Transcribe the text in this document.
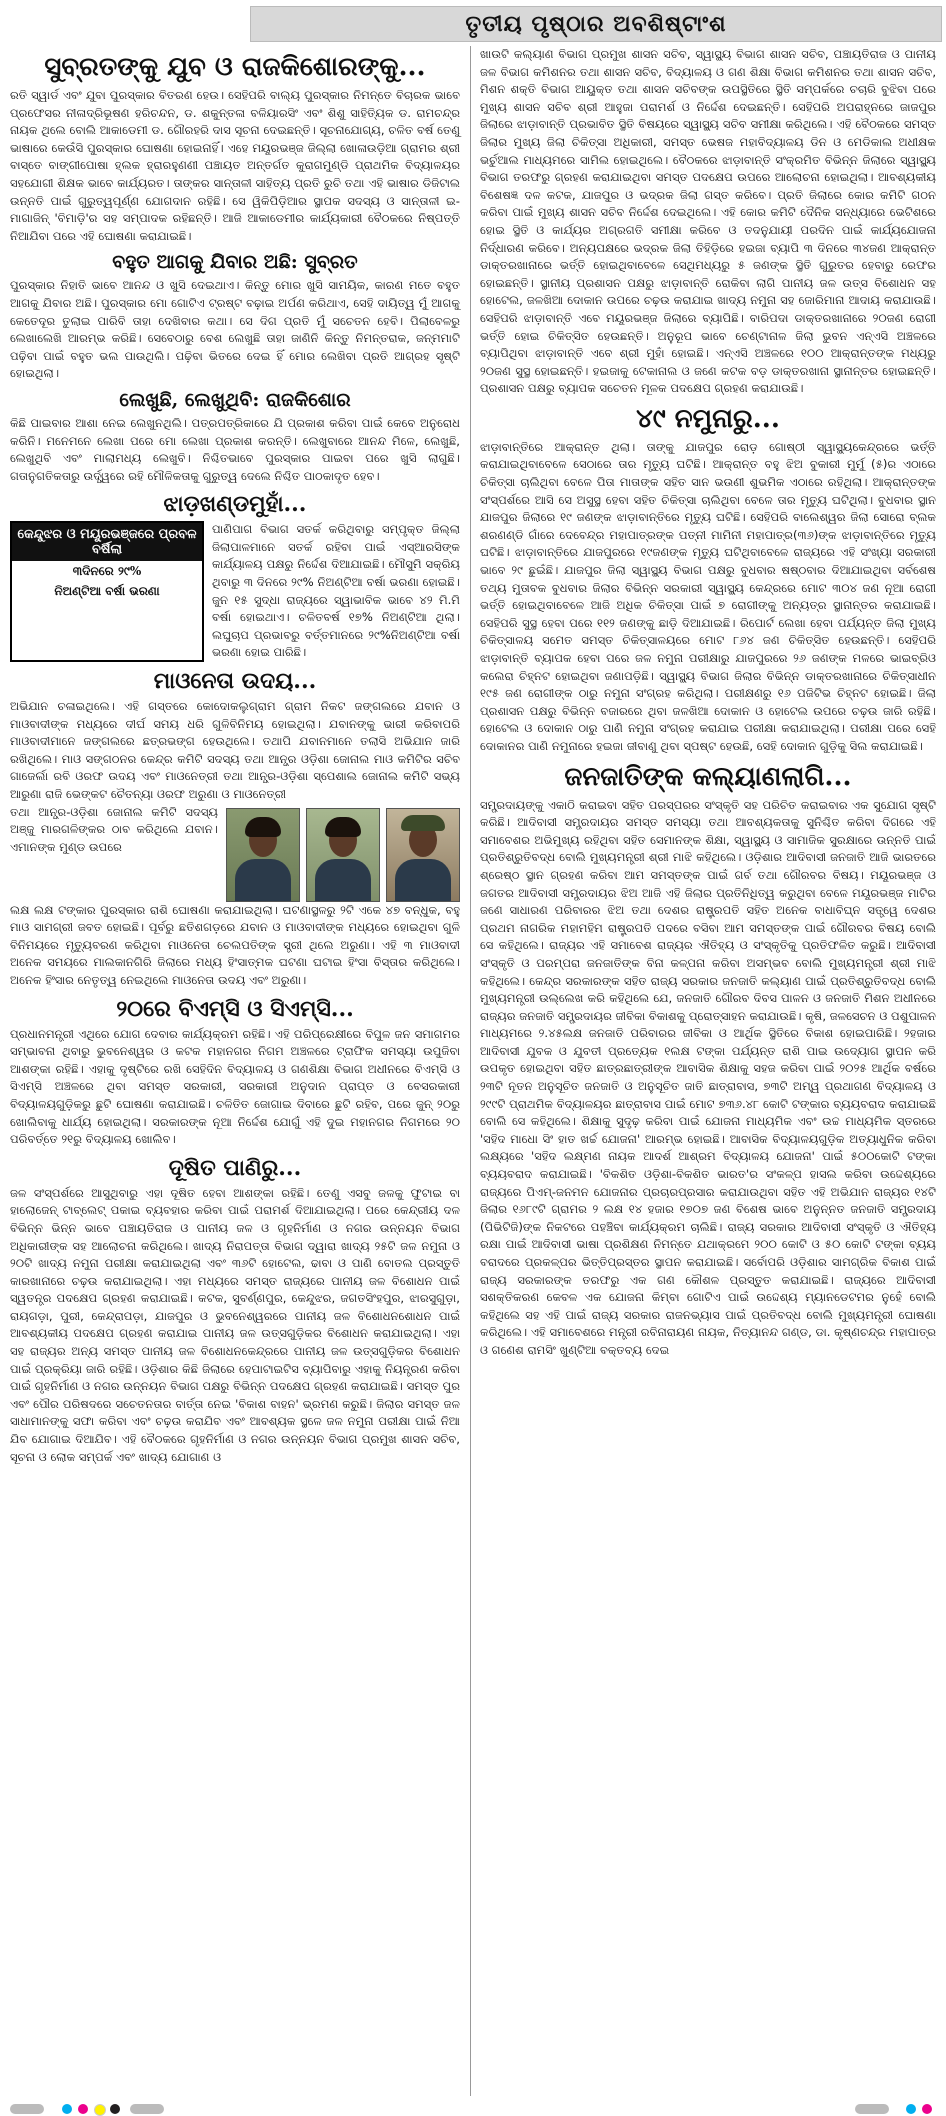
ତୃତୀୟ ପୃଷ୍ଠାର ଅବଶିଷ୍ଟାଂଶ
ସୁବ୍ରତଙ୍କୁ ଯୁବ ଓ ରାଜକିଶୋରଙ୍କୁ...

ରତି ସ୍ୱାର୍ଡ ଏବଂ ଯୁବା ପୁରସ୍କାର ବିତରଣ ହେଉ। ସେହିପରି ବାଲ୍ୟ ପୁରସ୍କାର ନିମନ୍ତେ ବିଚାରକ ଭାବେ ପ୍ରଫେସର ନୀଳାଦ୍ରିଭୂଷଣ ହରିଚନ୍ଦନ, ଡ. ଶକୁନ୍ତଳା ବଳିୟାରସିଂ ଏବଂ ଶିଶୁ ସାହିତ୍ୟିକ ଡ. ରାମଚନ୍ଦ୍ର ନାୟକ ଥିଲେ ବୋଲି ଆକାଡେମୀ ଡ. ଗୌରହରି ଦାସ ସୂଚନା ଦେଇଛନ୍ତି। ସୂଚନାଯୋଗ୍ୟ, ଚଳିତ ବର୍ଷ ତେଣୁ ଭାଷାରେ କେଉଁସି ପୁରସ୍କାର ଘୋଷଣା ହୋଇନାହିଁ। ଏହେ ମୟୂରଭଞ୍ଜ ଜିଲ୍ଲା ଖୋଳାଉଡ଼ିଆ ଗ୍ରାମର ଶ୍ରୀ ବାସ୍ତେ ବାଙ୍ଗୀପୋଷା ହ୍ଲକ ହ୍ରାରହୁଣଣୀ ପଞ୍ଚାୟତ ଅନ୍ତର୍ଗତ କୁରାଗମୁଣ୍ଡି ପ୍ରାଥମିକ ବିଦ୍ୟାଳୟର ସହଯୋଗୀ ଶିକ୍ଷକ ଭାବେ କାର୍ଯ୍ୟରତ। ତାଙ୍କର ସାନ୍ତାଳୀ ସାହିତ୍ୟ ପ୍ରତି ରୁଚି ତଥା ଏହି ଭାଷାର ଡିଜିଟାଲ ଉନ୍ନତି ପାଇଁ ଗୁରୁତ୍ୱପୂର୍ଣ୍ଣ ଯୋଗଦାନ ରହିଛି। ସେ ୱିକିପିଡ଼ିଆର ସ୍ଥାପକ ସଦସ୍ୟ ଓ ସାନ୍ତାଳୀ ଇ-ମାଗାଜିନ୍ 'ବିମାଡ଼ି'ର ସହ ସମ୍ପାଦକ ରହିଛନ୍ତି। ଆଜି ଆକାଡେମୀର କାର୍ଯ୍ୟକାରୀ ବୈଠକରେ ନିଷ୍ପତ୍ତି ନିଆଯିବା ପରେ ଏହି ଘୋଷଣା କରାଯାଇଛି।

ବହୁତ ଆଗକୁ ଯିବାର ଅଛି: ସୁବ୍ରତ

ପୁରସ୍କାର ନିହାତି ଭାବେ ଆନନ୍ଦ ଓ ଖୁସି ଦେଇଥାଏ। କିନ୍ତୁ ମୋର ଖୁସି ସାମୟିକ, କାରଣ ମତେ ବହୁତ ଆଗକୁ ଯିବାର ଅଛି। ପୁରସ୍କାର ମୋ ଗୋଟିଏ ଟ୍ରଷ୍ଟ ବଢ଼ାଇ ଅର୍ପଣ କରିଥାଏ, ସେହି ଦାୟିତ୍ୱ ମୁଁ ଆଗକୁ କେତେଦୂର ତୁଲାଇ ପାରିବି ତାହା ଦେଖିବାର କଥା। ସେ ଦିଗ ପ୍ରତି ମୁଁ ସଚେତନ ହେବି। ପିଲାବେଳରୁ ଲେଖାଲେଖି ଆରମ୍ଭ କରିଛି। ସେବେଠାରୁ ବେଶ ଲେଖୁଛି ତାହା ଜାଣିନି କିନ୍ତୁ ନିମନ୍ତରାକ, ଜନ୍ମମାଟି ପଢ଼ିବା ପାଇଁ ବହୁତ ଭଲ ପାଉଥିଲି। ପଢ଼ିବା ଭିତରେ ଦେଇ ହିଁ ମୋର ଲେଖିବା ପ୍ରତି ଆଗ୍ରହ ସୃଷ୍ଟି ହୋଇଥିଲା।

ଲେଖୁଛି, ଲେଖୁଥିବି: ରାଜକିଶୋର

କିଛି ପାଇବାର ଆଶା ନେଇ ଲେଖୁନଥିଲି। ପତ୍ରପତ୍ରିକାରେ ଯି ପ୍ରକାଶ କରିବା ପାଇଁ କେବେ ଅନୁରୋଧ କରିନି। ମନେମନେ ଲେଖା ପରେ ମୋ ଲେଖା ପ୍ରକାଶ କରନ୍ତି। ଲେଖୁବାରେ ଆନନ୍ଦ ମିଳେ, ଲେଖୁଛି, ଲେଖୁଥିବି ଏବଂ ମାଲାମଧ୍ୟ ଲେଖୁବି। ନିଶ୍ଚିତଭାବେ ପୁରସ୍କାର ପାଇବା ପରେ ଖୁସି ଲାଗୁଛି। ଗତାନୁଗତିକତାରୁ ଉର୍ଦ୍ଧ୍ୱରେ ରହି ମୌଳିକତାକୁ ଗୁରୁତ୍ୱ ଦେଲେ ନିଶ୍ଚିତ ପାଠକାଦୃତ ହେବ।

ଝାଡ଼ଖଣ୍ଡମୁହାଁ...
କେନ୍ଦୁଝର ଓ ମୟୂରଭଞ୍ଜରେ ପ୍ରବଳ ବର୍ଷିଲା
୩ଦିନରେ ୨୯%
ନିଅଣ୍ଟିଆ ବର୍ଷା ଭରଣା

ପାଣିପାଗ ବିଭାଗ ସତର୍କ କରିଥିବାରୁ ସମ୍ପୃକ୍ତ ଜିଲ୍ଲା ଜିଲାପାଳମାନେ ସତର୍କ ରହିବା ପାଇଁ ଏସ୍‌ଆରସିଙ୍କ କାର୍ଯ୍ୟାଳୟ ପକ୍ଷରୁ ନିର୍ଦ୍ଦେଶ ଦିଆଯାଇଛି। ମୌସୁମି ସକ୍ରିୟ ଥିବାରୁ ୩ ଦିନରେ ୨୯% ନିଅଣ୍ଟିଆ ବର୍ଷା ଭରଣା ହୋଇଛି। ଜୁନ ୧୫ ସୁଦ୍ଧା ରାଜ୍ୟରେ ସ୍ୱାଭାବିକ ଭାବେ ୪୨ ମି.ମି ବର୍ଷା ହୋଇଥାଏ। ଚଳିତବର୍ଷ ୧୭% ନିଅଣ୍ଟିଆ ଥିଲା। ଲଘୁଚାପ ପ୍ରଭାବରୁ ବର୍ତ୍ତମାନରେ ୨୯%ନିଅଣ୍ଟିଆ ବର୍ଷା ଭରଣା ହୋଇ ପାରିଛି।

ମାଓନେତା ଉଦୟ...

ଅଭିଯାନ ଚଳାଇଥିଲେ। ଏହି ଗସ୍ତରେ କୋଦୋକଲୁଗ୍ରାମ ଗ୍ରାମ ନିକଟ ଜଙ୍ଗଲରେ ଯବାନ ଓ ମାଓବାଦୀଙ୍କ ମଧ୍ୟରେ ଦୀର୍ଘ ସମୟ ଧରି ଗୁଳିବିନିମୟ ହୋଇଥିଲା। ଯବାନଙ୍କୁ ଭାରୀ କରିବାପରି ମାଓବାଦୀମାନେ ଜଙ୍ଗଲରେ ଛତ୍ରଭଙ୍ଗ ହେଉଥିଲେ। ତଥାପି ଯବାନମାନେ ତଲାସି ଅଭିଯାନ ଜାରି ରଖିଥିଲେ। ମାଓ ସଙ୍ଗଠନର କେନ୍ଦ୍ର କମିଟି ସଦସ୍ୟ ତଥା ଆନ୍ଧ୍ର ଓଡ଼ିଶା ଜୋନାଲ ମାଓ କମିଟିର ସଚିବ ଗାଜେର୍ଲା ରବି ଓରଫ ଉଦୟ ଏବଂ ମାଓନେତ୍ରୀ ତଥା ଆନ୍ଧ୍ର-ଓଡ଼ିଶା ସ୍ପେଶାଲ ଜୋନାଲ କମିଟି ସଭ୍ୟ ଆରୁଣା ରାଜି ଭେଙ୍କଟ ଚୈତନ୍ୟା ଓରଫ ଅରୁଣା ଓ ମାଓନେତ୍ରୀ

ତଥା ଆନ୍ଧ୍ର-ଓଡ଼ିଶା ଜୋନାଲ କମିଟି ସଦସ୍ୟ ଅଞ୍ଜୁ ମାରଗଳିଙ୍କର ଠାବ କରିଥିଲେ ଯବାନ। ଏମାନଙ୍କ ମୁଣ୍ଡ ଉପରେ

ଲକ୍ଷ ଲକ୍ଷ ଟଙ୍କାର ପୁରସ୍କାର ରାଶି ଘୋଷଣା କରାଯାଇଥିଲା। ଘଟଣାସ୍ଥଳରୁ ୨ଟି ଏକେ ୪୭ ବନ୍ଧୁକ, ବହୁ ମାଓ ସାମଗ୍ରୀ ଜବତ ହୋଇଛି। ପୂର୍ବରୁ ଛତିଶଗଡ଼ରେ ଯବାନ ଓ ମାଓବାଦୀଙ୍କ ମଧ୍ୟରେ ହୋଇଥିବା ଗୁଳି ବିନିମୟରେ ମୃତ୍ୟୁବରଣ କରିଥିବା ମାଓନେତା ଚେଲପତିଙ୍କ ସ୍ତ୍ରୀ ଥିଲେ ଅରୁଣା। ଏହି ୩ ମାଓବାଦୀ ଅନେକ ସମୟରେ ମାଲକାନଗିରି ଜିଲାରେ ମଧ୍ୟ ହିଂସାତ୍ମକ ଘଟଣା ଘଟାଇ ହିଂସା ବିସ୍ତାର କରିଥିଲେ। ଅନେକ ହିଂସାର ନେତୃତ୍ୱ ନେଇଥିଲେ ମାଓନେତା ଉଦୟ ଏବଂ ଅରୁଣା।

୨୦ରେ ବିଏମ୍‌ସି ଓ ସିଏମ୍‌ସି...

ପ୍ରଧାନମନ୍ତ୍ରୀ ଏଥିରେ ଯୋଗ ଦେବାର କାର୍ଯ୍ୟକ୍ରମ ରହିଛି। ଏହି ପରିପ୍ରେକ୍ଷୀରେ ବିପୁଳ ଜନ ସମାଗମର ସମ୍ଭାବନା ଥିବାରୁ ଭୁବନେଶ୍ୱର ଓ କଟକ ମହାନଗର ନିଗମ ଅଞ୍ଚଳରେ ଟ୍ରାଫିକ ସମସ୍ୟା ଉପୁଜିବା ଆଶଙ୍କା ରହିଛି। ଏହାକୁ ଦୃଷ୍ଟିରେ ରଖି ସେହିଦିନ ବିଦ୍ୟାଳୟ ଓ ଗଣଶିକ୍ଷା ବିଭାଗ ଅଧୀନରେ ବିଏମ୍‌ସି ଓ ସିଏମ୍‌ସି ଅଞ୍ଚଳରେ ଥିବା ସମସ୍ତ ସରକାରୀ, ସରକାରୀ ଅନୁଦାନ ପ୍ରାପ୍ତ ଓ ବେସରକାରୀ ବିଦ୍ୟାଳୟଗୁଡ଼ିକରୁ ଛୁଟି ଘୋଷଣା କରାଯାଇଛି। ଚଳିତିତ ଜୋଗାଇ ଦିବାରେ ଛୁଟି ରହିବ, ପରେ ଜୁନ୍ ୨୦ରୁ ଖୋଲିବାକୁ ଧାର୍ଯ୍ୟ ହୋଇଥିଲା। ସରକାରଙ୍କ ନୂଆ ନିର୍ଦ୍ଦେଶ ଯୋଗୁଁ ଏହି ଦୁଇ ମହାନଗର ନିଗମରେ ୨୦ ପରିବର୍ତ୍ତେ ୨୧ରୁ ବିଦ୍ୟାଳୟ ଖୋଲିବ।

ଦୂଷିତ ପାଣିରୁ...

ଜଳ ସଂସ୍ପର୍ଶରେ ଆସୁଥିବାରୁ ଏହା ଦୂଷିତ ହେବା ଆଶଙ୍କା ରହିଛି। ତେଣୁ ଏସବୁ ଜଳକୁ ଫୁଟାଇ ବା ହାଲୋଜେନ୍ ଟାବ୍‌ଲେଟ୍ ପକାଇ ବ୍ୟବହାର କରିବା ପାଇଁ ପରାମର୍ଶ ଦିଆଯାଇଥିଲା। ପରେ କେନ୍ଦ୍ରୀୟ ଦଳ ବିଭିନ୍ନ ଭିନ୍ନ ଭାବେ ପଞ୍ଚାୟତିରାଜ ଓ ପାନୀୟ ଜଳ ଓ ଗୃହନିର୍ମାଣ ଓ ନଗର ଉନ୍ନୟନ ବିଭାଗ ଅଧିକାରୀଙ୍କ ସହ ଆଲୋଚନା କରିଥିଲେ। ଖାଦ୍ୟ ନିରାପତ୍ତା ବିଭାଗ ଦ୍ୱାରା ଖାଦ୍ୟ ୨୫ଟି ଜଳ ନମୁନା ଓ ୨୦ଟି ଖାଦ୍ୟ ନମୁନା ପରୀକ୍ଷା କରାଯାଇଥିଲା ଏବଂ ୩୬ଟି ହୋଟେଲ, ଢାବା ଓ ପାଣି ବୋତଲ ପ୍ରସ୍ତୁତି କାରଖାନାରେ ଚଢ଼ଉ କରାଯାଇଥିଲା। ଏହା ମଧ୍ୟରେ ସମସ୍ତ ରାଜ୍ୟରେ ପାନୀୟ ଜଳ ବିଶୋଧନ ପାଇଁ ସ୍ୱତନ୍ତ୍ର ପଦକ୍ଷେପ ଗ୍ରହଣ କରାଯାଇଛି। କଟକ, ସୁବର୍ଣ୍ଣପୁର, କେନ୍ଦୁଝର, ଜଗତସିଂହପୁର, ଝାରସୁଗୁଡ଼ା, ରାୟଗଡ଼ା, ପୁରୀ, କେନ୍ଦ୍ରାପଡ଼ା, ଯାଜପୁର ଓ ଭୁବନେଶ୍ୱରରେ ପାନୀୟ ଜଳ ବିଶୋଧନଶୋଧନ ପାଇଁ ଆବଶ୍ୟକୀୟ ପଦକ୍ଷେପ ଗ୍ରହଣ କରାଯାଇ ପାନୀୟ ଜଳ ଉତ୍ସଗୁଡ଼ିକର ବିଶୋଧନ କରାଯାଇଥିଲା। ଏହା ସହ ରାଜ୍ୟର ଅନ୍ୟ ସମସ୍ତ ପାନୀୟ ଜଳ ବିଶୋଧନକେନ୍ଦ୍ରରେ ପାନୀୟ ଜଳ ଉତ୍ସଗୁଡ଼ିକର ବିଶୋଧନ ପାଇଁ ପ୍ରକ୍ରିୟା ଜାରି ରହିଛି। ଓଡ଼ିଶାର କିଛି ଜିଲାରେ ହେପାଟାଇଟିସ ବ୍ୟାପିବାରୁ ଏହାକୁ ନିୟନ୍ତ୍ରଣ କରିବା ପାଇଁ ଗୃହନିର୍ମାଣ ଓ ନଗର ଉନ୍ନୟନ ବିଭାଗ ପକ୍ଷରୁ ବିଭିନ୍ନ ପଦକ୍ଷେପ ଗ୍ରହଣ କରାଯାଇଛି। ସମସ୍ତ ପୁର ଏବଂ ପୌର ପରିଷଦରେ ସଚେତନତାର ବାର୍ତ୍ତା ନେଇ 'ବିକାଶ ବାହନ' ଭ୍ରମଣ କରୁଛି। ଜିଲାର ସମସ୍ତ ଜଳ ସାଧାମାନଙ୍କୁ ସଫା କରିବା ଏବଂ ଚଢ଼ଉ କରାଯିବ ଏବଂ ଆବଶ୍ୟକ ସ୍ଥଳେ ଜଳ ନମୁନା ପରୀକ୍ଷା ପାଇଁ ନିଆ ଯିବ ଯୋଗାଇ ଦିଆଯିବ। ଏହି ବୈଠକରେ ଗୃହନିର୍ମାଣ ଓ ନଗର ଉନ୍ନୟନ ବିଭାଗ ପ୍ରମୁଖ ଶାସନ ସଚିବ, ସୂଚନା ଓ ଲୋକ ସମ୍ପର୍କ ଏବଂ ଖାଦ୍ୟ ଯୋଗାଣ ଓ

ଖାଉଟି କଲ୍ୟାଣ ବିଭାଗ ପ୍ରମୁଖ ଶାସନ ସଚିବ, ସ୍ୱାସ୍ଥ୍ୟ ବିଭାଗ ଶାସନ ସଚିବ, ପଞ୍ଚାୟତିରାଜ ଓ ପାନୀୟ ଜଳ ବିଭାଗ କମିଶନର ତଥା ଶାସନ ସଚିବ, ବିଦ୍ୟାଳୟ ଓ ଗଣ ଶିକ୍ଷା ବିଭାଗ କମିଶନର ତଥା ଶାସନ ସଚିବ, ମିଶନ ଶକ୍ତି ବିଭାଗ ଆୟୁକ୍ତ ତଥା ଶାସନ ସଚିବଙ୍କ ଉପସ୍ଥିତିରେ ସ୍ଥିତି ସମ୍ପର୍କରେ ଚଚାରି ବୁଝିବା ପରେ ମୁଖ୍ୟ ଶାସନ ସଚିବ ଶ୍ରୀ ଆହୁଜା ପରାମର୍ଶ ଓ ନିର୍ଦ୍ଦେଶ ଦେଇଛନ୍ତି। ସେହିପରି ଅପରାହ୍ନରେ ଜାଜପୁର ଜିଲାରେ ଝାଡ଼ାବାନ୍ତି ପ୍ରଭାବିତ ସ୍ଥିତି ବିଷୟରେ ସ୍ୱାସ୍ଥ୍ୟ ସଚିବ ସମୀକ୍ଷା କରିଥିଲେ। ଏହି ବୈଠକରେ ସମସ୍ତ ଜିଲାର ମୁଖ୍ୟ ଜିଲା ଚିକିତ୍ସା ଅଧିକାରୀ, ସମସ୍ତ ଭେଷଜ ମହାବିଦ୍ୟାଳୟ ଡିନ ଓ ମେଡିକାଲ ଅଧୀକ୍ଷକ ଭର୍ଚୁଆଲ ମାଧ୍ୟମରେ ସାମିଲ ହୋଇଥିଲେ। ବୈଠକରେ ଝାଡ଼ାବାନ୍ତି ସଂକ୍ରମିତ ବିଭିନ୍ନ ଜିଲାରେ ସ୍ୱାସ୍ଥ୍ୟ ବିଭାଗ ତରଫରୁ ଗ୍ରହଣ କରାଯାଇଥିବା ସମସ୍ତ ପଦକ୍ଷେପ ଉପରେ ଆଲୋଚନା ହୋଇଥିଲା। ଆବଶ୍ୟକୀୟ ବିଶେଷଜ୍ଞ ଦଳ କଟକ, ଯାଜପୁର ଓ ଭଦ୍ରକ ଜିଲା ଗସ୍ତ କରିବେ। ପ୍ରତି ଜିଲାରେ କୋର କମିଟି ଗଠନ କରିବା ପାଇଁ ମୁଖ୍ୟ ଶାସନ ସଚିବ ନିର୍ଦ୍ଦେଶ ଦେଇଥିଲେ। ଏହି କୋର କମିଟି ଦୈନିକ ସନ୍ଧ୍ୟାରେ ଭେଟିଶରେ ହୋଇ ସ୍ଥିତି ଓ କାର୍ଯ୍ୟର ଅଗ୍ରଗତି ସମୀକ୍ଷା କରିବେ ଓ ତଦନୁଯାୟୀ ପରଦିନ ପାଇଁ କାର୍ଯ୍ୟଯୋଜନା ନିର୍ଦ୍ଧାରଣ କରିବେ। ଅନ୍ୟପକ୍ଷରେ ଭଦ୍ରକ ଜିଲା ତିହିଡ଼ିରେ ହଇଜା ବ୍ୟାପି ୩ ଦିନରେ ୩୪ଜଣ ଆକ୍ରାନ୍ତ ଡାକ୍ତରଖାନାରେ ଭର୍ତ୍ତି ହୋଇଥିବାବେଳେ ସେଥିମଧ୍ୟରୁ ୫ ଜଣଙ୍କ ସ୍ଥିତି ଗୁରୁତର ହେବାରୁ ରେଫର ହୋଇଛନ୍ତି। ସ୍ଥାନୀୟ ପ୍ରଶାସନ ପକ୍ଷରୁ ଝାଡ଼ାବାନ୍ତି ରୋକିବା ଲାଗି ପାନୀୟ ଜଳ ଉତ୍ସ ବିଶୋଧନ ସହ ହୋଟେଲ, ଜଳଖିଆ ଦୋକାନ ଉପରେ ଚଢ଼ଉ କରାଯାଇ ଖାଦ୍ୟ ନମୁନା ସହ ଜୋରିମାନା ଆଦାୟ କରାଯାଉଛି। ସେହିପରି ଝାଡ଼ାବାନ୍ତି ଏବେ ମୟୂରଭଞ୍ଜ ଜିଲାରେ ବ୍ୟାପିଛି। ବାରିପଦା ଡାକ୍ତରଖାନାରେ ୨୦ଜଣ ରୋଗୀ ଭର୍ତ୍ତି ହୋଇ ଚିକିତ୍ସିତ ହେଉଛନ୍ତି। ଅନୁରୂପ ଭାବେ ଚେଣ୍ଟାନାଳ ଜିଲା ଭୁବନ ଏନ୍‌ଏସି ଅଞ୍ଚଳରେ ବ୍ୟାପିଥିବା ଝାଡ଼ାବାନ୍ତି ଏବେ ଶ୍ରୀ ମୁହାଁ ହୋଇଛି। ଏନ୍‌ଏସି ଅଞ୍ଚଳରେ ୧୦୦ ଆକ୍ରାନ୍ତଙ୍କ ମଧ୍ୟରୁ ୨୦ଜଣ ସୁସ୍ଥ ହୋଇଛନ୍ତି। ହଇଜାକୁ ଟେକାନାଲ ଓ ଜଣେ କଟକ ବଡ଼ ଡାକ୍ତରଖାନା ସ୍ଥାନାନ୍ତର ହୋଇଛନ୍ତି। ପ୍ରଶାସନ ପକ୍ଷରୁ ବ୍ୟାପକ ସଚେତନ ମୂଳକ ପଦକ୍ଷେପ ଗ୍ରହଣ କରାଯାଉଛି।

୪୯ ନମୁନାରୁ...

ଝାଡ଼ାବାନ୍ତିରେ ଆକ୍ରାନ୍ତ ଥିଲା। ତାଙ୍କୁ ଯାଜପୁର ରୋଡ଼ ଗୋଷ୍ଠୀ ସ୍ୱାସ୍ଥ୍ୟକେନ୍ଦ୍ରରେ ଭର୍ତ୍ତି କରାଯାଇଥିବାବେଳେ ସେଠାରେ ତାର ମୃତ୍ୟୁ ଘଟିଛି। ଆକ୍ରାନ୍ତ ବହୁ ଝିଅ ବୁକାରୀ ମୁର୍ମୁ (୫)ର ଏଠାରେ ଚିକିତ୍ସା ଚାଲିଥିବା ବେଳେ ପିତା ମାତାଙ୍କ ସହିତ ସାନ ଭଉଣୀ ଶୁଭମିକ ଏଠାରେ ରହିଥିଲା। ଆକ୍ରାନ୍ତଙ୍କ ସଂସ୍ପର୍ଶରେ ଆସି ସେ ଅସୁସ୍ଥ ହେବା ସହିତ ଚିକିତ୍ସା ଚାଲିଥିବା ବେଳେ ତାର ମୃତ୍ୟୁ ଘଟିଥିଲା। ବୁଧବାର ସ୍ଥାନ ଯାଜପୁର ଜିଲାରେ ୧୯ ଜଣଙ୍କ ଝାଡ଼ାବାନ୍ତିରେ ମୃତ୍ୟୁ ଘଟିଛି। ସେହିପରି ବାଲେଶ୍ୱର ଜିଲା ସୋରୋ ବ୍ଲକ ଶରଣଣ୍ଡି ଗାଁରେ ଦେବେନ୍ଦ୍ର ମହାପାତ୍ରଙ୍କ ପତ୍ନୀ ମାମିନୀ ମହାପାତ୍ର(୩୬)ଙ୍କ ଝାଡ଼ାବାନ୍ତିରେ ମୃତ୍ୟୁ ଘଟିଛି। ଝାଡ଼ାବାନ୍ତିରେ ଯାଜପୁରରେ ୧୯ଜଣଙ୍କ ମୃତ୍ୟୁ ଘଟିଥିବାବେଳେ ରାଜ୍ୟରେ ଏହି ସଂଖ୍ୟା ସରକାରୀ ଭାବେ ୨୯ ଛୁଇଁଛି। ଯାଜପୁର ଜିଲା ସ୍ୱାସ୍ଥ୍ୟ ବିଭାଗ ପକ୍ଷରୁ ବୁଧବାର ଷଷ୍ଠବାର ଦିଆଯାଇଥିବା ସର୍ବଶେଷ ତଥ୍ୟ ମୁତାବକ ବୁଧବାର ଜିଲାର ବିଭିନ୍ନ ସରକାରୀ ସ୍ୱାସ୍ଥ୍ୟ କେନ୍ଦ୍ରରେ ମୋଟ ୩୦୪ ଜଣ ନୂଆ ରୋଗୀ ଭର୍ତ୍ତି ହୋଇଥିବାବେଳେ ଆଜି ଅଧିକ ଚିକିତ୍ସା ପାଇଁ ୭ ରୋଗୀଙ୍କୁ ଅନ୍ୟତ୍ର ସ୍ଥାନାନ୍ତର କରାଯାଇଛି। ସେହିପରି ସୁସ୍ଥ ହେବା ପରେ ୧୧୨ ଜଣଙ୍କୁ ଛାଡ଼ି ଦିଆଯାଇଛି। ରିପୋର୍ଟ ଲେଖା ହେବା ପର୍ଯ୍ୟନ୍ତ ଜିଲା ମୁଖ୍ୟ ଚିକିତ୍ସାଳୟ ସମେତ ସମସ୍ତ ଚିକିତ୍ସାଳୟରେ ମୋଟ ୮୬୪ ଜଣ ଚିକିତ୍ସିତ ହେଉଛନ୍ତି। ସେହିପରି ଝାଡ଼ାବାନ୍ତି ବ୍ୟାପକ ହେବା ପରେ ଜଳ ନମୁନା ପରୀକ୍ଷାରୁ ଯାଜପୁରରେ ୨୬ ଜଣଙ୍କ ମଳରେ ଭାଇବ୍ରିଓ କଲେରା ଚିହ୍ନଟ ହୋଇଥିବା ଜଣାପଡ଼ିଛି। ସ୍ୱାସ୍ଥ୍ୟ ବିଭାଗ ଜିଲାର ବିଭିନ୍ନ ଡାକ୍ତରଖାନାରେ ଚିକିତ୍ସାଧୀନ ୧୯୫ ଜଣ ରୋଗୀଙ୍କ ଠାରୁ ନମୁନା ସଂଗ୍ରହ କରିଥିଲା। ପରୀକ୍ଷଣରୁ ୧୬ ପଜିଟିଭ ଚିହ୍ନଟ ହୋଇଛି। ଜିଲା ପ୍ରଶାସନ ପକ୍ଷରୁ ବିଭିନ୍ନ ବଜାରରେ ଥିବା ଜଳଖିଆ ଦୋକାନ ଓ ହୋଟେଲ ଉପରେ ଚଢ଼ଉ ଜାରି ରହିଛି। ହୋଟେଲ ଓ ଦୋକାନ ଠାରୁ ପାଣି ନମୁନା ସଂଗ୍ରହ କରାଯାଇ ପରୀକ୍ଷା କରାଯାଇଥିଲା। ପରୀକ୍ଷା ପରେ ସେହି ଦୋକାନର ପାଣି ନମୁନାରେ ହଇଜା ଜୀବାଣୁ ଥିବା ସ୍ପଷ୍ଟ ହେଉଛି, ସେହି ଦୋକାନ ଗୁଡ଼ିକୁ ସିଲ କରାଯାଇଛି।

ଜନଜାତିଙ୍କ କଲ୍ୟାଣଲାଗି...

ସମ୍ପ୍ରଦାୟଙ୍କୁ ଏକାଠି କରାଇବା ସହିତ ପରସ୍ପରର ସଂସ୍କୃତି ସହ ପରିଚିତ କରାଇବାର ଏକ ସୁଯୋଗ ସୃଷ୍ଟି କରିଛି। ଆଦିବାସୀ ସମ୍ପ୍ରଦାୟର ସମସ୍ତ ସମସ୍ୟା ତଥା ଆବଶ୍ୟକତାକୁ ସୁନିଶ୍ଚିତ କରିବା ଦିଗରେ ଏହି ସମାବେଶର ଅଭିମୁଖ୍ୟ ରହିଥିବା ସହିତ ସେମାନଙ୍କ ଶିକ୍ଷା, ସ୍ୱାସ୍ଥ୍ୟ ଓ ସାମାଜିକ ସୁରକ୍ଷାରେ ଉନ୍ନତି ପାଇଁ ପ୍ରତିଶ୍ରୁତିବଦ୍ଧ ବୋଲି ମୁଖ୍ୟମନ୍ତ୍ରୀ ଶ୍ରୀ ମାଝି କହିଥିଲେ। ଓଡ଼ିଶାର ଆଦିବାସୀ ଜନଜାତି ଆଜି ଭାରତରେ ଶ୍ରେଷ୍ଠ ସ୍ଥାନ ଗ୍ରହଣ କରିବା ଆମ ସମସ୍ତଙ୍କ ପାଇଁ ଗର୍ବ ତଥା ଗୌରବର ବିଷୟ। ମୟୂରଭଞ୍ଜ ଓ ଜଗତର ଆଦିବାସୀ ସମ୍ପ୍ରଦାୟର ଝିଅ ଆଜି ଏହି ଜିଲାର ପ୍ରତିନିଧିତ୍ୱ କରୁଥିବା ବେଳେ ମୟୂରଭଞ୍ଜ ମାଟିର ଜଣେ ସାଧାରଣ ପରିବାରର ଝିଅ ତଥା ଦେଶର ରାଷ୍ଟ୍ରପତି ସହିତ ଅନେକ ବାଧାବିଘ୍ନ ସତ୍ତ୍ୱେ ଦେଶର ପ୍ରଥମ ନାଗରିକ ମହାମହିମ ରାଷ୍ଟ୍ରପତି ପଦରେ ବସିବା ଆମ ସମସ୍ତଙ୍କ ପାଇଁ ଗୌରବର ବିଷୟ ବୋଲି ସେ କହିଥିଲେ। ରାଜ୍ୟର ଏହି ସମାବେଶ ରାଜ୍ୟର ଐତିହ୍ୟ ଓ ସଂସ୍କୃତିକୁ ପ୍ରତିଫଳିତ କରୁଛି। ଆଦିବାସୀ ସଂସ୍କୃତି ଓ ପରମ୍ପରା ଜନଜାତିଙ୍କ ବିନା କଳ୍ପନା କରିବା ଅସମ୍ଭବ ବୋଲି ମୁଖ୍ୟମନ୍ତ୍ରୀ ଶ୍ରୀ ମାଝି କହିଥିଲେ। କେନ୍ଦ୍ର ସରକାରଙ୍କ ସହିତ ରାଜ୍ୟ ସରକାର ଜନଜାତି କଲ୍ୟାଣ ପାଇଁ ପ୍ରତିଶ୍ରୁତିବଦ୍ଧ ବୋଲି ମୁଖ୍ୟମନ୍ତ୍ରୀ ଉଲ୍ଲେଖ କରି କହିଥିଲେ ଯେ, ଜନଜାତି ଗୌରବ ଦିବସ ପାଳନ ଓ ଜନଜାତି ମିଶନ ଅଧୀନରେ ରାଜ୍ୟର ଜନଜାତି ସମ୍ପ୍ରଦାୟର ଜୀବିକା ବିକାଶକୁ ପ୍ରୋତ୍ସାହନ କରାଯାଉଛି। କୃଷି, ଜଳସେଚନ ଓ ପଶୁପାଳନ ମାଧ୍ୟମରେ ୨.୪୫ଲକ୍ଷ ଜନଜାତି ପରିବାରର ଜୀବିକା ଓ ଆର୍ଥିକ ସ୍ଥିତିରେ ବିକାଶ ହୋଇପାରିଛି। ୨ହଜାର ଆଦିବାସୀ ଯୁବକ ଓ ଯୁବତୀ ପ୍ରତ୍ୟେକ ୧ଲକ୍ଷ ଟଙ୍କା ପର୍ଯ୍ୟନ୍ତ ରାଶି ପାଇ ଉଦ୍ୟୋଗ ସ୍ଥାପନ କରି ଉପକୃତ ହୋଇଥିବା ସହିତ ଛାତ୍ରଛାତ୍ରୀଙ୍କ ଆବାସିକ ଶିକ୍ଷାକୁ ସହଜ କରିବା ପାଇଁ ୨୦୨୫ ଆର୍ଥିକ ବର୍ଷରେ ୨୩ଟି ନୂତନ ଅନୁସୂଚିତ ଜନଜାତି ଓ ଅନୁସୂଚିତ ଜାତି ଛାତ୍ରାବାସ, ୭୩ଟି ଅମ୍ୱ ପ୍ରଥାଗଣ ବିଦ୍ୟାଳୟ ଓ ୨୯୯ଟି ପ୍ରାଥମିକ ବିଦ୍ୟାଳୟର ଛାତ୍ରାବାସ ପାଇଁ ମୋଟ ୭୩୬.୪୮ କୋଟି ଟଙ୍କାର ବ୍ୟୟବରାଦ କରାଯାଇଛି ବୋଲି ସେ କହିଥିଲେ। ଶିକ୍ଷାକୁ ସୁଦୃଢ଼ କରିବା ପାଇଁ ଯୋଜନା ମାଧ୍ୟମିକ ଏବଂ ଉଚ୍ଚ ମାଧ୍ୟମିକ ସ୍ତରରେ 'ସହିଦ ମାଧୋ ସିଂ ହାତ ଖର୍ଚ୍ଚ ଯୋଜନା' ଆରମ୍ଭ ହୋଇଛି। ଆବାସିକ ବିଦ୍ୟାଳୟଗୁଡ଼ିକ ଅତ୍ୟାଧୁନିକ କରିବା ଲକ୍ଷ୍ୟରେ 'ସହିଦ ଲକ୍ଷ୍ମଣ ନାୟକ ଆଦର୍ଶ ଆଶ୍ରମ ବିଦ୍ୟାଳୟ ଯୋଜନା' ପାଇଁ ୫୦୦କୋଟି ଟଙ୍କା ବ୍ୟୟବରାଦ କରାଯାଇଛି। 'ବିକଶିତ ଓଡ଼ିଶା-ବିକଶିତ ଭାରତ'ର ସଂକଳ୍ପ ହାସଲ କରିବା ଉଦ୍ଦେଶ୍ୟରେ ରାଜ୍ୟରେ ପିଏମ୍-ଜନମନ ଯୋଜନାର ପ୍ରଚାରପ୍ରସାର କରାଯାଉଥିବା ସହିତ ଏହି ଅଭିଯାନ ରାଜ୍ୟର ୧୪ଟି ଜିଲାର ୧୬୮୯ଟି ଗ୍ରାମର ୨ ଲକ୍ଷ ୧୪ ହଜାର ୧୭୦୭ ଜଣ ବିଶେଷ ଭାବେ ଅନୁନ୍ନତ ଜନଜାତି ସମ୍ପ୍ରଦାୟ (ପିଭିଟିଜି)ଙ୍କ ନିକଟରେ ପହଞ୍ଚିବା କାର୍ଯ୍ୟକ୍ରମ ଚାଲିଛି। ରାଜ୍ୟ ସରକାର ଆଦିବାସୀ ସଂସ୍କୃତି ଓ ଐତିହ୍ୟ ରକ୍ଷା ପାଇଁ ଆଦିବାସୀ ଭାଷା ପ୍ରଶିକ୍ଷଣ ନିମନ୍ତେ ଯଥାକ୍ରମେ ୨୦୦ କୋଟି ଓ ୫୦ କୋଟି ଟଙ୍କା ବ୍ୟୟ ବରାଦରେ ପ୍ରକଳ୍ପର ଭିତ୍ତିପ୍ରସ୍ତର ସ୍ଥାପନ କରାଯାଇଛି। ସର୍ବୋପରି ଓଡ଼ିଶାର ସାମଗ୍ରିକ ବିକାଶ ପାଇଁ ରାଜ୍ୟ ସରକାରଙ୍କ ତରଫରୁ ଏକ ଗଣ କୌଶଳ ପ୍ରସ୍ତୁତ କରାଯାଇଛି। ରାଜ୍ୟରେ ଆଦିବାସୀ ସଶକ୍ତିକରଣ କେବଳ ଏକ ଯୋଜନା କିମ୍ବା ଗୋଟିଏ ପାଇଁ ଉଦ୍ଦେଶ୍ୟ ମ୍ୟାନଡେଟମର ନୁହେଁ ବୋଲି କହିଥିଲେ ସହ ଏହି ପାଇଁ ରାଜ୍ୟ ସରକାର ରାଜନଭ୍ୟାସ ପାଇଁ ପ୍ରତିବଦ୍ଧ ବୋଲି ମୁଖ୍ୟମନ୍ତ୍ରୀ ଘୋଷଣା କରିଥିଲେ। ଏହି ସମାବେଶରେ ମନ୍ତ୍ରୀ ରବିନାରାୟଣ ନାୟକ, ନିତ୍ୟାନନ୍ଦ ଗଣ୍ଡ, ଡା. କୃଷ୍ଣଚନ୍ଦ୍ର ମହାପାତ୍ର ଓ ଗଣେଶ ରାମସିଂ ଖୁଣ୍ଟିଆ ବକ୍ତବ୍ୟ ଦେଇ
